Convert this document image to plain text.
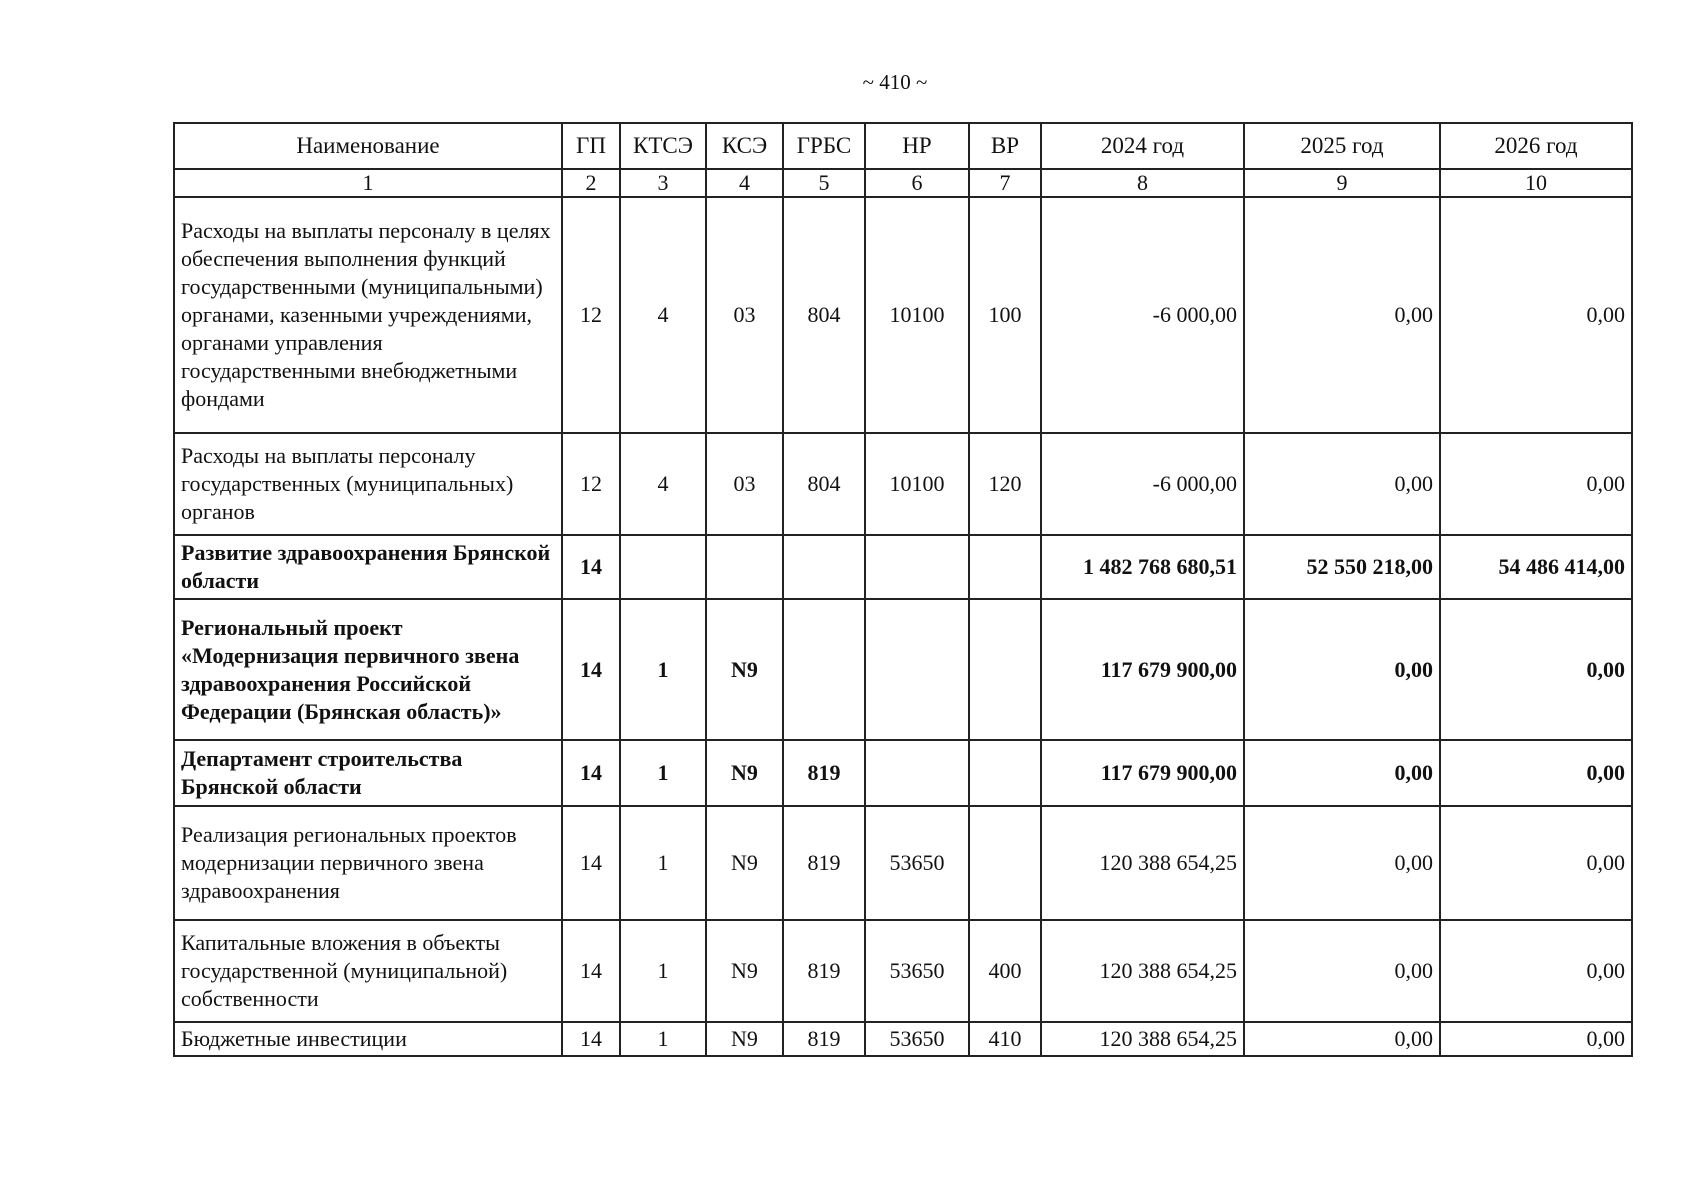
~ 410 ~
Наименование	ГП	КТСЭ	КСЭ	ГРБС	НР	ВР	2024 год	2025 год	2026 год
1	2	3	4	5	6	7	8	9	10
Расходы на выплаты персоналу в целях обеспечения выполнения функций государственными (муниципальными) органами, казенными учреждениями, органами управления государственными внебюджетными фондами	12	4	03	804	10100	100	-6 000,00	0,00	0,00
Расходы на выплаты персоналу государственных (муниципальных) органов	12	4	03	804	10100	120	-6 000,00	0,00	0,00
Развитие здравоохранения Брянской области	14						1 482 768 680,51	52 550 218,00	54 486 414,00
Региональный проект «Модернизация первичного звена здравоохранения Российской Федерации (Брянская область)»	14	1	N9				117 679 900,00	0,00	0,00
Департамент строительства Брянской области	14	1	N9	819			117 679 900,00	0,00	0,00
Реализация региональных проектов модернизации первичного звена здравоохранения	14	1	N9	819	53650		120 388 654,25	0,00	0,00
Капитальные вложения в объекты государственной (муниципальной) собственности	14	1	N9	819	53650	400	120 388 654,25	0,00	0,00
Бюджетные инвестиции	14	1	N9	819	53650	410	120 388 654,25	0,00	0,00
